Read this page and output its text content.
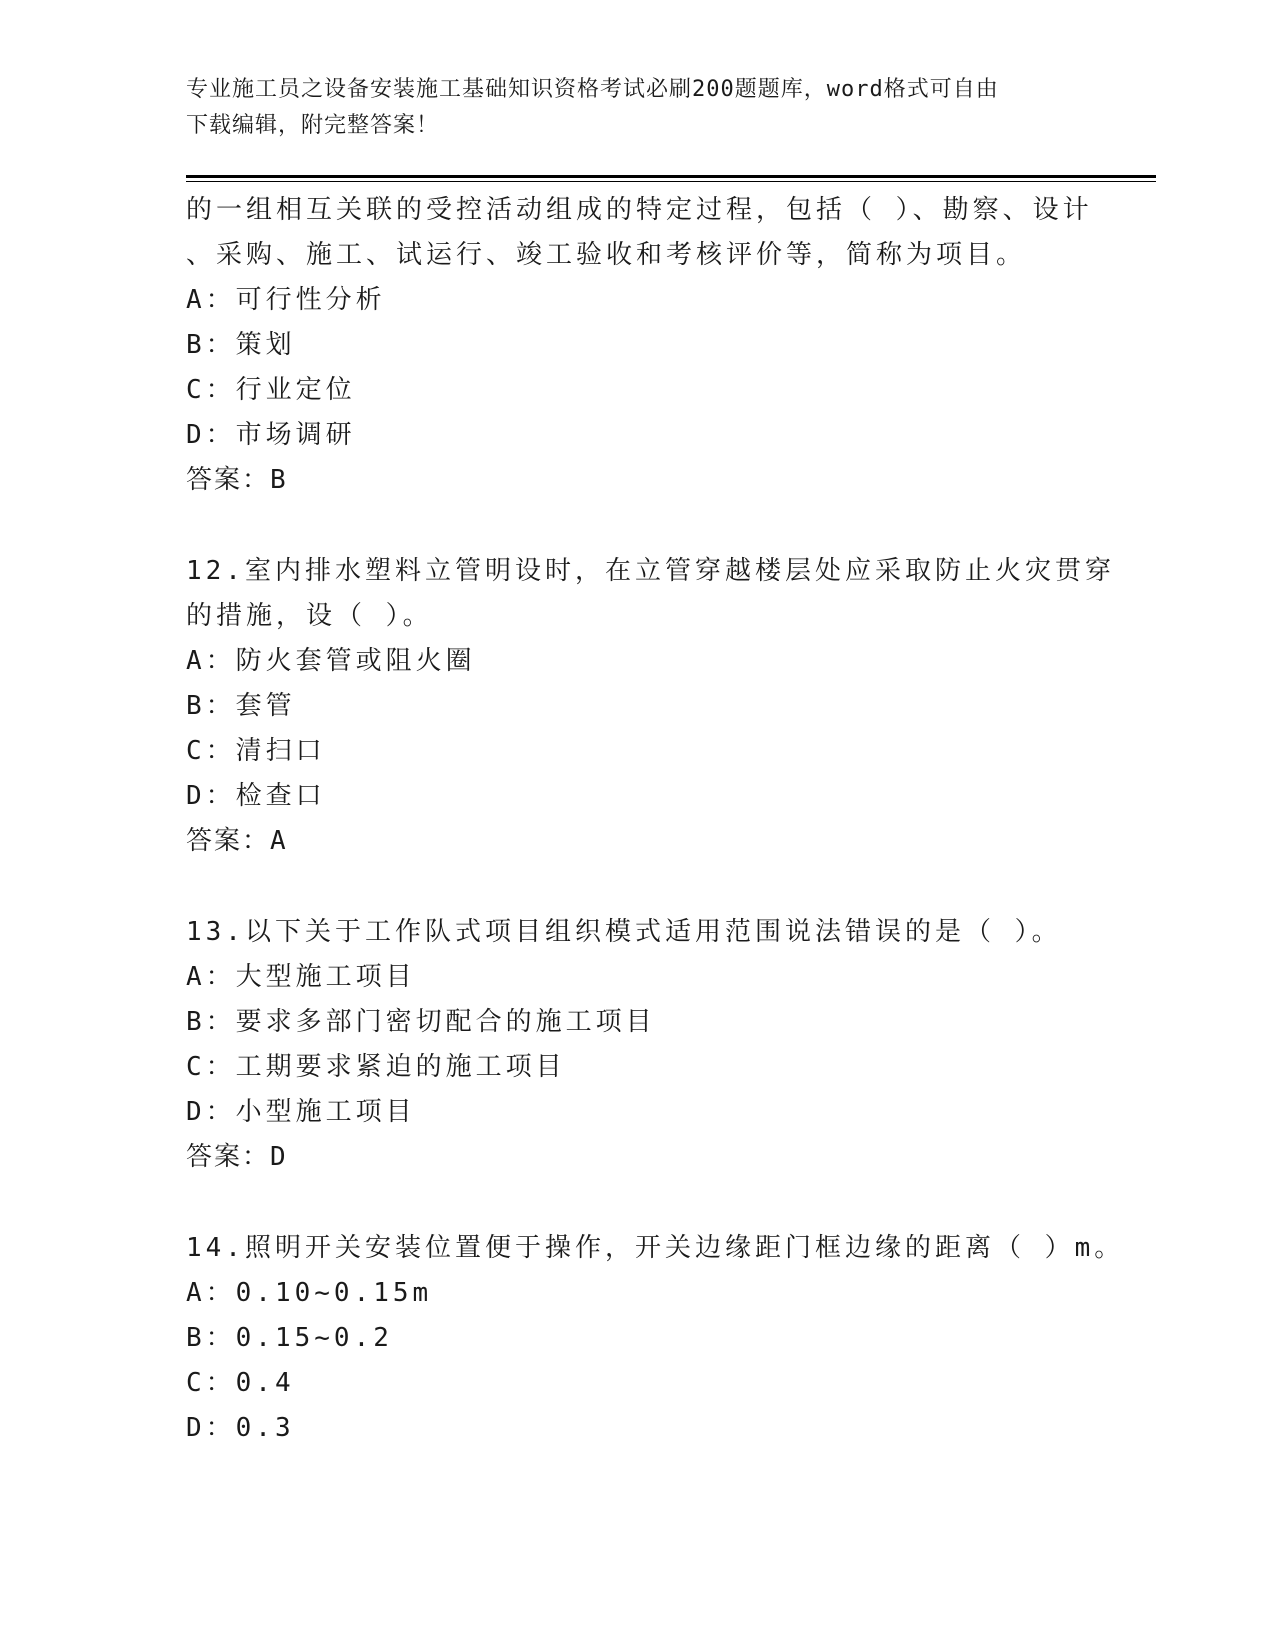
专业施工员之设备安装施工基础知识资格考试必刷200题题库，word格式可自由
下载编辑，附完整答案！
的一组相互关联的受控活动组成的特定过程，包括（ ）、勘察、设计
、采购、施工、试运行、竣工验收和考核评价等，简称为项目。
A：可行性分析
B：策划
C：行业定位
D：市场调研
答案：B
12.室内排水塑料立管明设时，在立管穿越楼层处应采取防止火灾贯穿
的措施，设（ ）。
A：防火套管或阻火圈
B：套管
C：清扫口
D：检查口
答案：A
13.以下关于工作队式项目组织模式适用范围说法错误的是（ ）。
A：大型施工项目
B：要求多部门密切配合的施工项目
C：工期要求紧迫的施工项目
D：小型施工项目
答案：D
14.照明开关安装位置便于操作，开关边缘距门框边缘的距离（ ）m。
A：0.10~0.15m
B：0.15~0.2
C：0.4
D：0.3
